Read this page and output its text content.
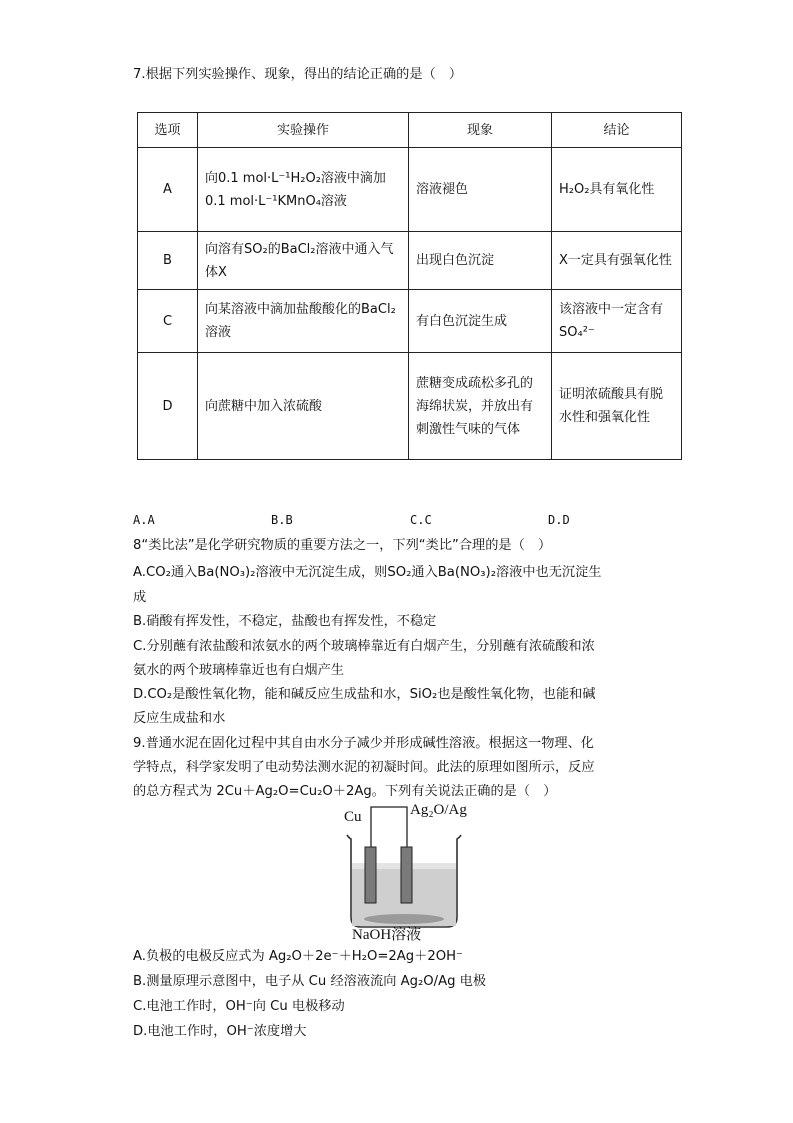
7.根据下列实验操作、现象，得出的结论正确的是（　）
选项	实验操作	现象	结论
A	向0.1 mol·L⁻¹H₂O₂溶液中滴加0.1 mol·L⁻¹KMnO₄溶液	溶液褪色	H₂O₂具有氧化性
B	向溶有SO₂的BaCl₂溶液中通入气体X	出现白色沉淀	X一定具有强氧化性
C	向某溶液中滴加盐酸酸化的BaCl₂溶液	有白色沉淀生成	该溶液中一定含有SO₄²⁻
D	向蔗糖中加入浓硫酸	蔗糖变成疏松多孔的海绵状炭，并放出有刺激性气味的气体	证明浓硫酸具有脱水性和强氧化性
A.A	B.B	C.C	D.D
8“类比法”是化学研究物质的重要方法之一，下列“类比”合理的是（　）
A.CO₂通入Ba(NO₃)₂溶液中无沉淀生成，则SO₂通入Ba(NO₃)₂溶液中也无沉淀生
成
B.硝酸有挥发性，不稳定，盐酸也有挥发性，不稳定
C.分别蘸有浓盐酸和浓氨水的两个玻璃棒靠近有白烟产生，分别蘸有浓硫酸和浓
氨水的两个玻璃棒靠近也有白烟产生
D.CO₂是酸性氧化物，能和碱反应生成盐和水，SiO₂也是酸性氧化物，也能和碱
反应生成盐和水
9.普通水泥在固化过程中其自由水分子减少并形成碱性溶液。根据这一物理、化
学特点，科学家发明了电动势法测水泥的初凝时间。此法的原理如图所示，反应
的总方程式为 2Cu＋Ag₂O=Cu₂O＋2Ag。下列有关说法正确的是（　）
Cu	Ag₂O/Ag
NaOH溶液
A.负极的电极反应式为 Ag₂O＋2e⁻＋H₂O=2Ag＋2OH⁻
B.测量原理示意图中，电子从 Cu 经溶液流向 Ag₂O/Ag 电极
C.电池工作时，OH⁻向 Cu 电极移动
D.电池工作时，OH⁻浓度增大
